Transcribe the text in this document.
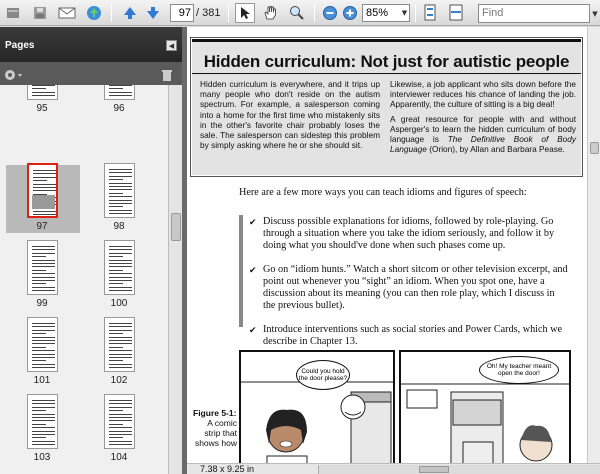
97
/ 381	85%	▼	Find	▼
Pages	◀
95	96
97	98
99	100
101	102
103	104
Hidden curriculum: Not just for autistic people
Hidden curriculum is everywhere, and it trips up many people who don't reside on the autism spectrum. For example, a salesperson coming into a home for the first time who mistakenly sits in the other's favorite chair probably loses the sale. The salesperson can sidestep this problem by simply asking where he or she should sit.
Likewise, a job applicant who sits down before the interviewer reduces his chance of landing the job. Apparently, the culture of sitting is a big deal!
A great resource for people with and without Asperger's to learn the hidden curriculum of body language is The Definitive Book of Body Language (Orion), by Allan and Barbara Pease.
Here are a few more ways you can teach idioms and figures of speech:
✔ Discuss possible explanations for idioms, followed by role-playing. Go through a situation where you take the idiom seriously, and follow it by doing what you should've done when such phases come up.
✔ Go on “idiom hunts.” Watch a short sitcom or other television excerpt, and point out whenever you “sight” an idiom. When you spot one, have a discussion about its meaning (you can then role play, which I discuss in the previous bullet).
✔ Introduce interventions such as social stories and Power Cards, which we describe in Chapter 13.
Could you hold the door please?
Oh! My teacher meant open the door!
Figure 5-1:
A comic strip that shows how
7.38 x 9.25 in
